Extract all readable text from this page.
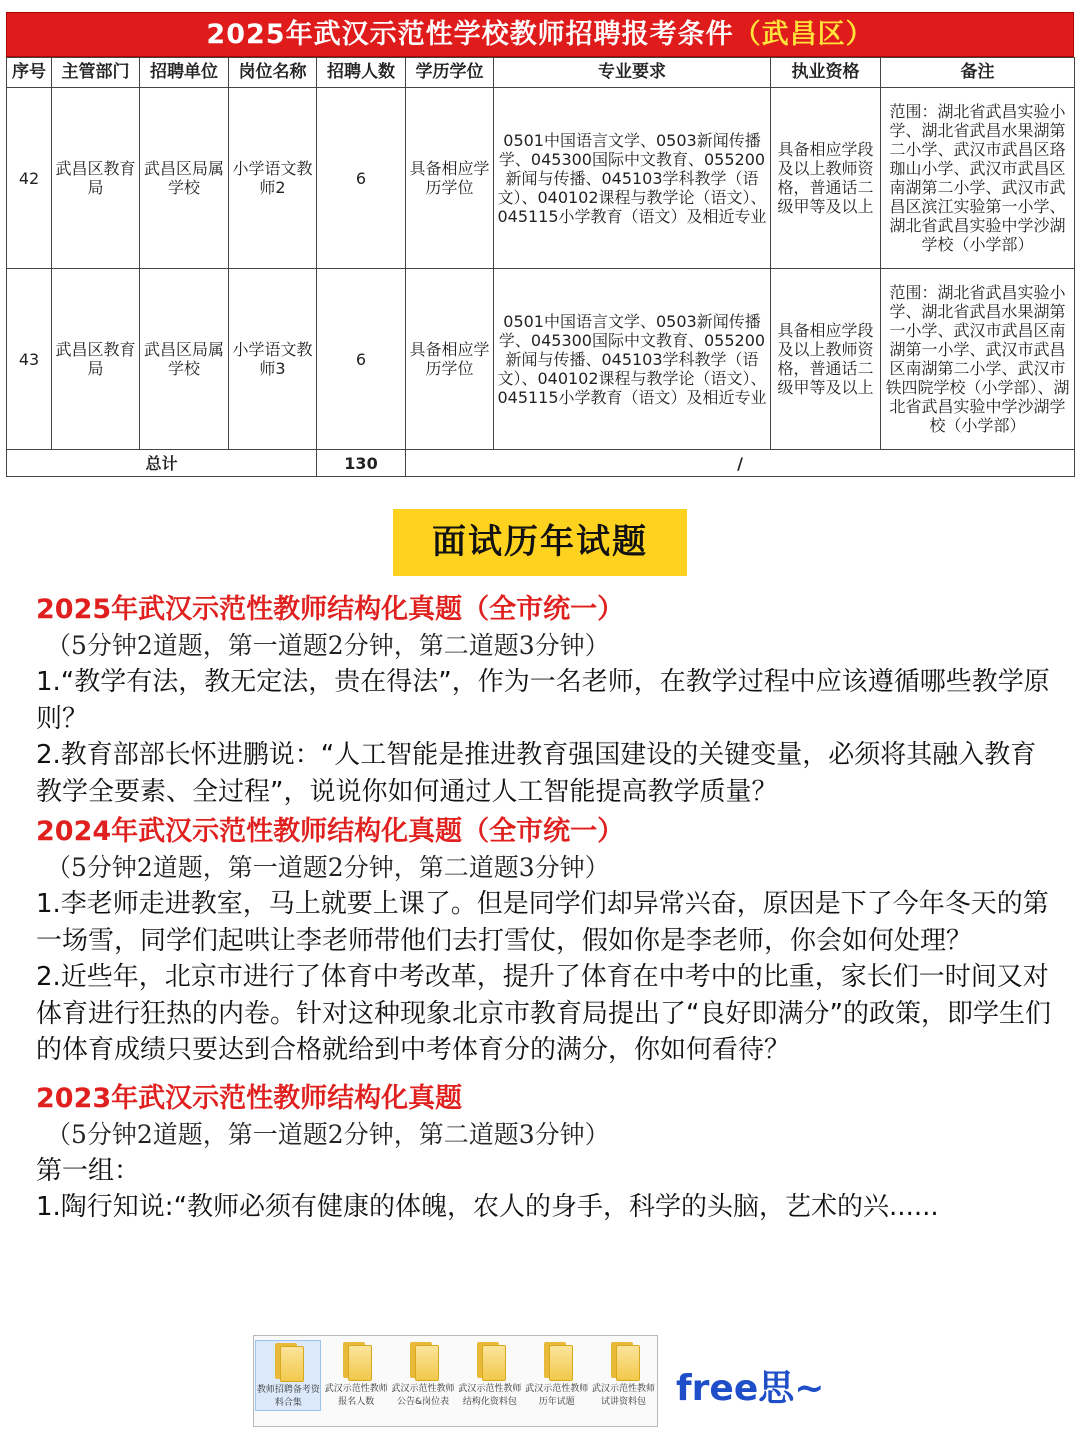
2025年武汉示范性学校教师招聘报考条件（武昌区）
序号	主管部门	招聘单位	岗位名称	招聘人数	学历学位	专业要求	执业资格	备注
42	武昌区教育局	武昌区局属学校	小学语文教师2	6	具备相应学历学位	0501中国语言文学、0503新闻传播学、045300国际中文教育、055200新闻与传播、045103学科教学（语文）、040102课程与教学论（语文）、045115小学教育（语文）及相近专业	具备相应学段及以上教师资格，普通话二级甲等及以上	范围：湖北省武昌实验小学、湖北省武昌水果湖第二小学、武汉市武昌区珞珈山小学、武汉市武昌区南湖第二小学、武汉市武昌区滨江实验第一小学、湖北省武昌实验中学沙湖学校（小学部）
43	武昌区教育局	武昌区局属学校	小学语文教师3	6	具备相应学历学位	0501中国语言文学、0503新闻传播学、045300国际中文教育、055200新闻与传播、045103学科教学（语文）、040102课程与教学论（语文）、045115小学教育（语文）及相近专业	具备相应学段及以上教师资格，普通话二级甲等及以上	范围：湖北省武昌实验小学、湖北省武昌水果湖第一小学、武汉市武昌区南湖第一小学、武汉市武昌区南湖第二小学、武汉市铁四院学校（小学部）、湖北省武昌实验中学沙湖学校（小学部）
总计				130	/			
面试历年试题

2025年武汉示范性教师结构化真题（全市统一）

（5分钟2道题，第一道题2分钟，第二道题3分钟）

1.“教学有法，教无定法，贵在得法”，作为一名老师，在教学过程中应该遵循哪些教学原则？

2.教育部部长怀进鹏说：“人工智能是推进教育强国建设的关键变量，必须将其融入教育教学全要素、全过程”，说说你如何通过人工智能提高教学质量？

2024年武汉示范性教师结构化真题（全市统一）

（5分钟2道题，第一道题2分钟，第二道题3分钟）

1.李老师走进教室，马上就要上课了。但是同学们却异常兴奋，原因是下了今年冬天的第一场雪，同学们起哄让李老师带他们去打雪仗，假如你是李老师，你会如何处理？

2.近些年，北京市进行了体育中考改革，提升了体育在中考中的比重，家长们一时间又对体育进行狂热的内卷。针对这种现象北京市教育局提出了“良好即满分”的政策，即学生们的体育成绩只要达到合格就给到中考体育分的满分，你如何看待？

2023年武汉示范性教师结构化真题

（5分钟2道题，第一道题2分钟，第二道题3分钟）

第一组：

1.陶行知说:“教师必须有健康的体魄，农人的身手，科学的头脑，艺术的兴......

教师招聘备考资料合集
武汉示范性教师报名人数
武汉示范性教师公告&岗位表
武汉示范性教师结构化资料包
武汉示范性教师历年试题
武汉示范性教师试讲资料包 free思~
